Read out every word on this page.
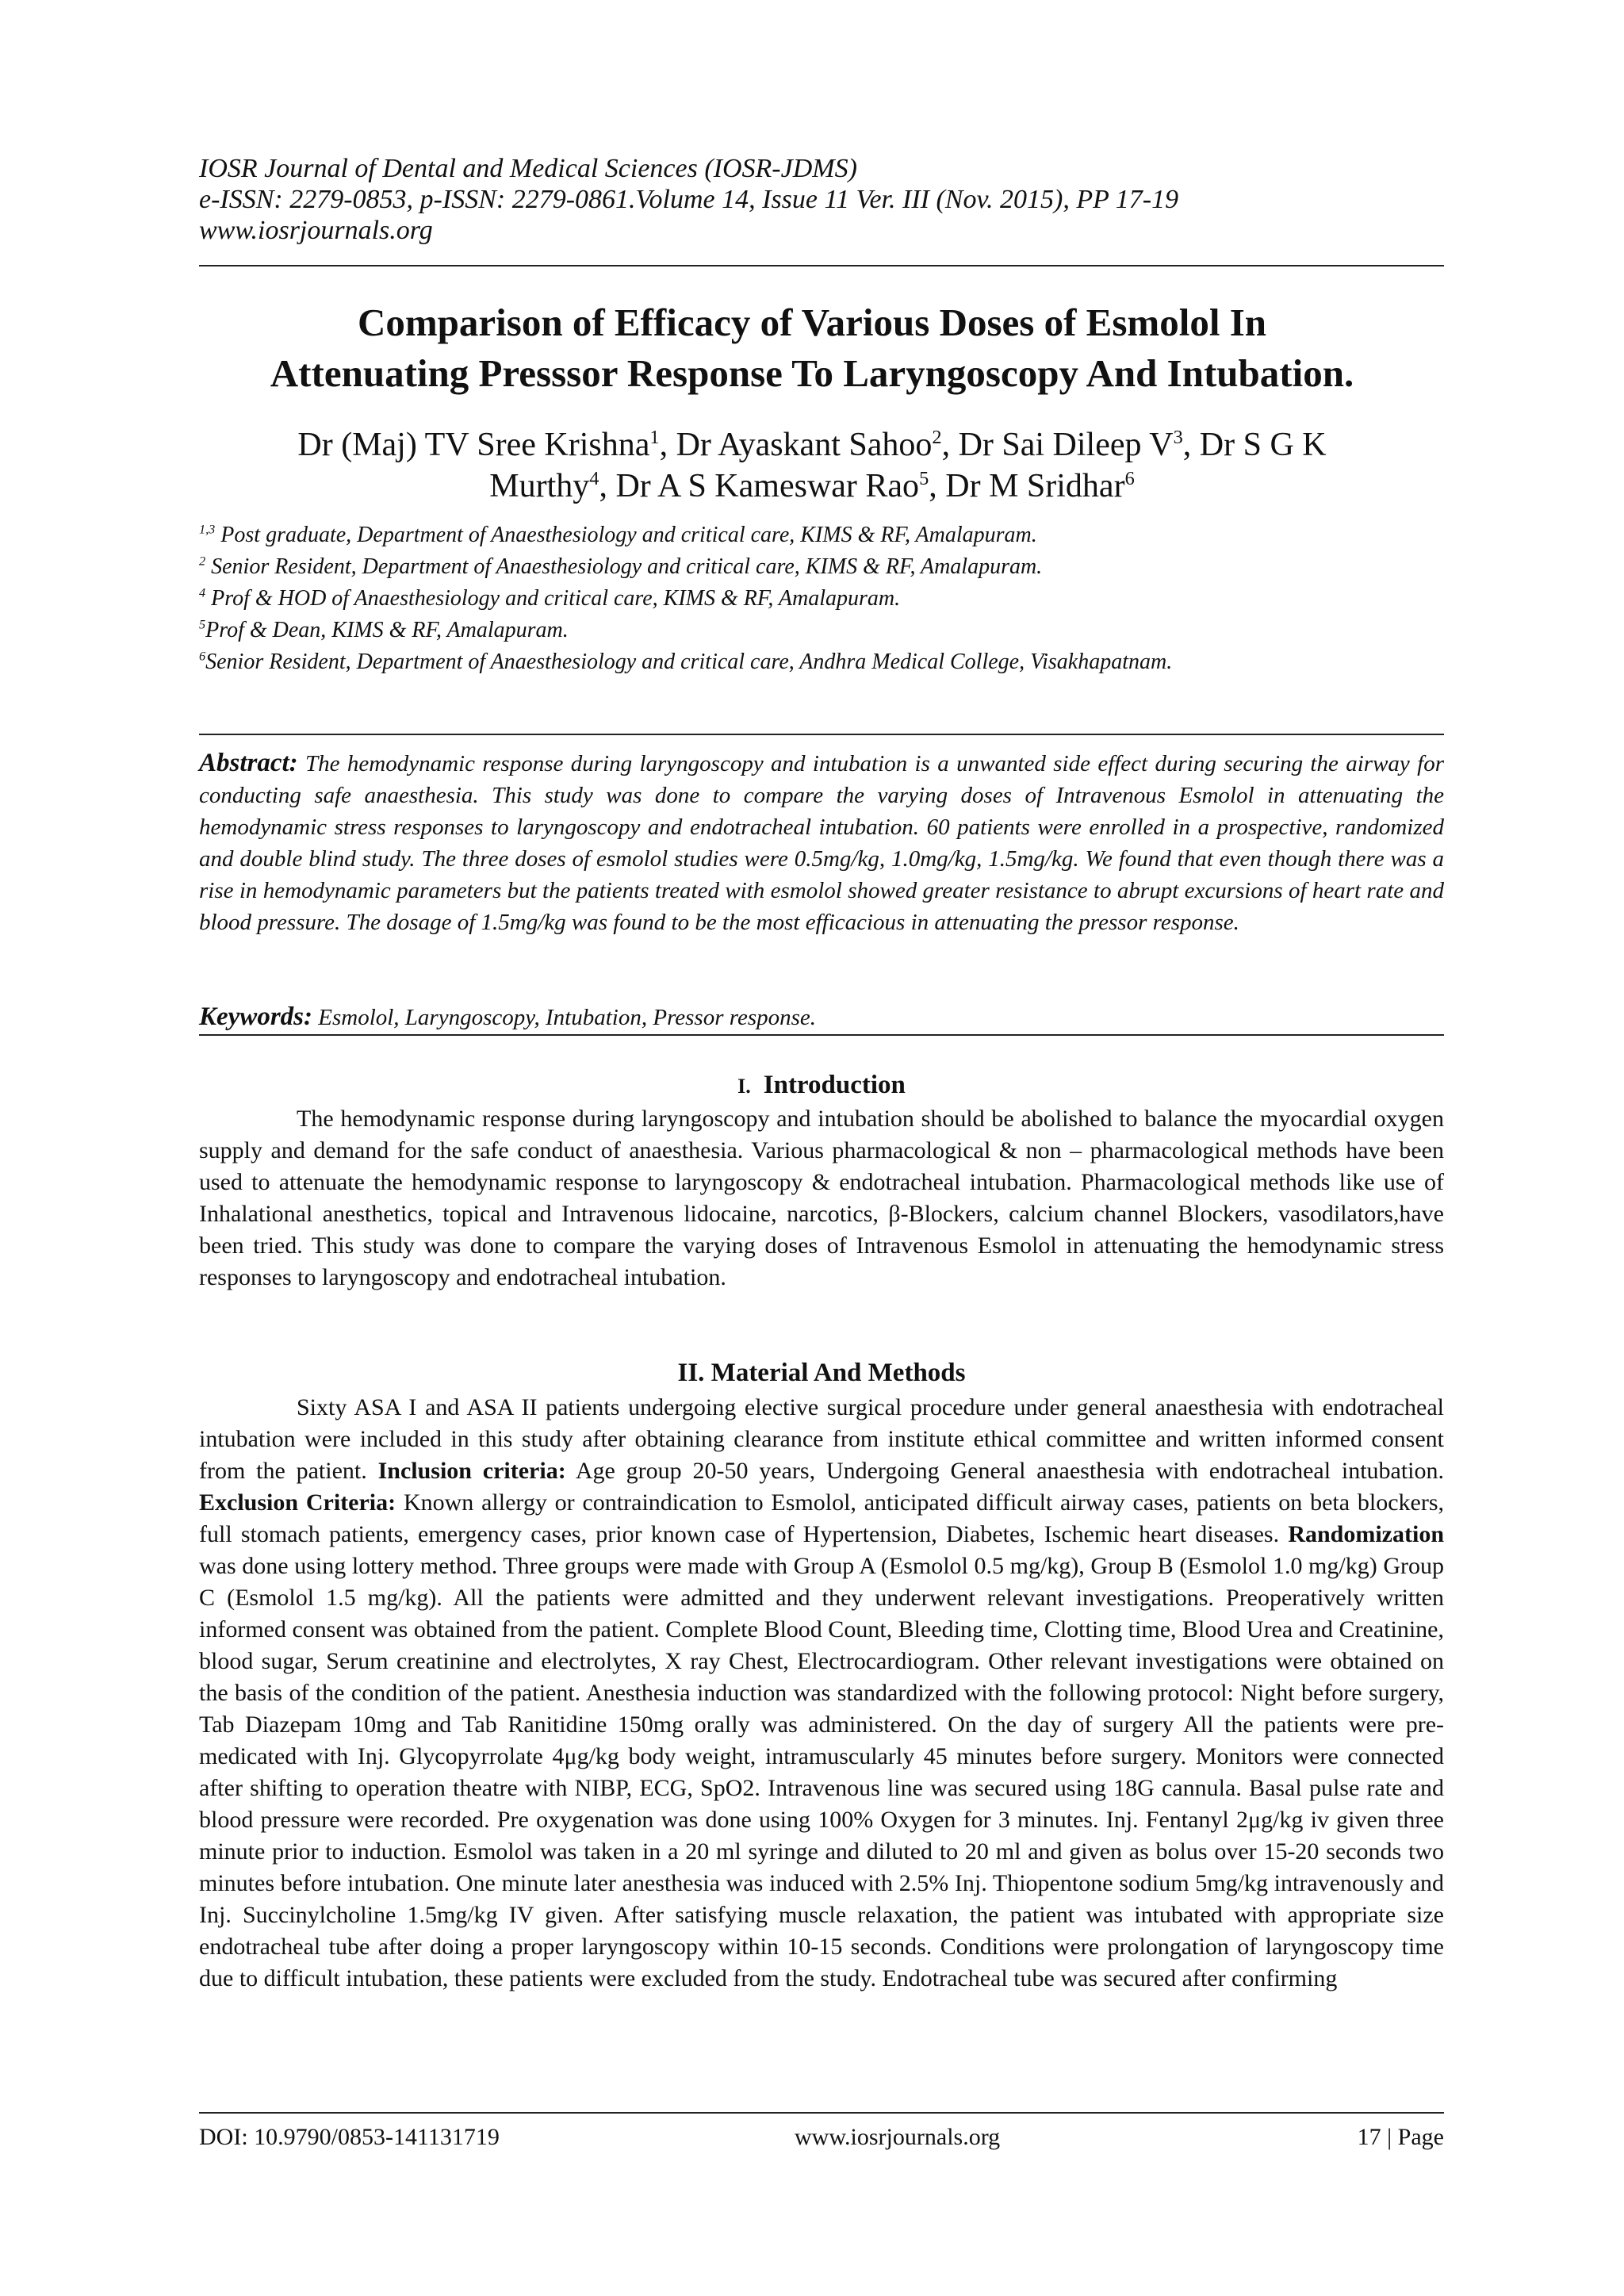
IOSR Journal of Dental and Medical Sciences (IOSR-JDMS)
e-ISSN: 2279-0853, p-ISSN: 2279-0861.Volume 14, Issue 11 Ver. III (Nov. 2015), PP 17-19
www.iosrjournals.org
Comparison of Efficacy of Various Doses of Esmolol In
Attenuating Presssor Response To Laryngoscopy And Intubation.
Dr (Maj) TV Sree Krishna$^1$, Dr Ayaskant Sahoo$^2$, Dr Sai Dileep $V^3$, Dr S G K
Murthy$^4$, Dr A S Kameswar Rao$^5$, Dr M Sridhar$^6$
$^{1,3}$ Post graduate, Department of Anaesthesiology and critical care, KIMS & RF, Amalapuram.
$^2$ Senior Resident, Department of Anaesthesiology and critical care, KIMS & RF, Amalapuram.
$^4$ Prof & HOD of Anaesthesiology and critical care, KIMS & RF, Amalapuram.
$^5$Prof & Dean, KIMS & RF, Amalapuram.
$^6$Senior Resident, Department of Anaesthesiology and critical care, Andhra Medical College, Visakhapatnam.
Abstract: The hemodynamic response during laryngoscopy and intubation is a unwanted side effect during securing the airway for conducting safe anaesthesia. This study was done to compare the varying doses of Intravenous Esmolol in attenuating the hemodynamic stress responses to laryngoscopy and endotracheal intubation. 60 patients were enrolled in a prospective, randomized and double blind study. The three doses of esmolol studies were 0.5mg/kg, 1.0mg/kg, 1.5mg/kg. We found that even though there was a rise in hemodynamic parameters but the patients treated with esmolol showed greater resistance to abrupt excursions of heart rate and blood pressure. The dosage of 1.5mg/kg was found to be the most efficacious in attenuating the pressor response.
Keywords: Esmolol, Laryngoscopy, Intubation, Pressor response.
I. Introduction
The hemodynamic response during laryngoscopy and intubation should be abolished to balance the myocardial oxygen supply and demand for the safe conduct of anaesthesia. Various pharmacological & non – pharmacological methods have been used to attenuate the hemodynamic response to laryngoscopy & endotracheal intubation. Pharmacological methods like use of Inhalational anesthetics, topical and Intravenous lidocaine, narcotics, β-Blockers, calcium channel Blockers, vasodilators,have been tried. This study was done to compare the varying doses of Intravenous Esmolol in attenuating the hemodynamic stress responses to laryngoscopy and endotracheal intubation.
II. Material And Methods
Sixty ASA I and ASA II patients undergoing elective surgical procedure under general anaesthesia with endotracheal intubation were included in this study after obtaining clearance from institute ethical committee and written informed consent from the patient. Inclusion criteria: Age group 20-50 years, Undergoing General anaesthesia with endotracheal intubation. Exclusion Criteria: Known allergy or contraindication to Esmolol, anticipated difficult airway cases, patients on beta blockers, full stomach patients, emergency cases, prior known case of Hypertension, Diabetes, Ischemic heart diseases. Randomization was done using lottery method. Three groups were made with Group A (Esmolol 0.5 mg/kg), Group B (Esmolol 1.0 mg/kg) Group C (Esmolol 1.5 mg/kg). All the patients were admitted and they underwent relevant investigations. Preoperatively written informed consent was obtained from the patient. Complete Blood Count, Bleeding time, Clotting time, Blood Urea and Creatinine, blood sugar, Serum creatinine and electrolytes, X ray Chest, Electrocardiogram. Other relevant investigations were obtained on the basis of the condition of the patient. Anesthesia induction was standardized with the following protocol: Night before surgery, Tab Diazepam 10mg and Tab Ranitidine 150mg orally was administered. On the day of surgery All the patients were pre-medicated with Inj. Glycopyrrolate 4μg/kg body weight, intramuscularly 45 minutes before surgery. Monitors were connected after shifting to operation theatre with NIBP, ECG, SpO2. Intravenous line was secured using 18G cannula. Basal pulse rate and blood pressure were recorded. Pre oxygenation was done using 100% Oxygen for 3 minutes. Inj. Fentanyl 2μg/kg iv given three minute prior to induction. Esmolol was taken in a 20 ml syringe and diluted to 20 ml and given as bolus over 15-20 seconds two minutes before intubation. One minute later anesthesia was induced with 2.5% Inj. Thiopentone sodium 5mg/kg intravenously and Inj. Succinylcholine 1.5mg/kg IV given. After satisfying muscle relaxation, the patient was intubated with appropriate size endotracheal tube after doing a proper laryngoscopy within 10-15 seconds. Conditions were prolongation of laryngoscopy time due to difficult intubation, these patients were excluded from the study. Endotracheal tube was secured after confirming
DOI: 10.9790/0853-141131719	www.iosrjournals.org	17 | Page
